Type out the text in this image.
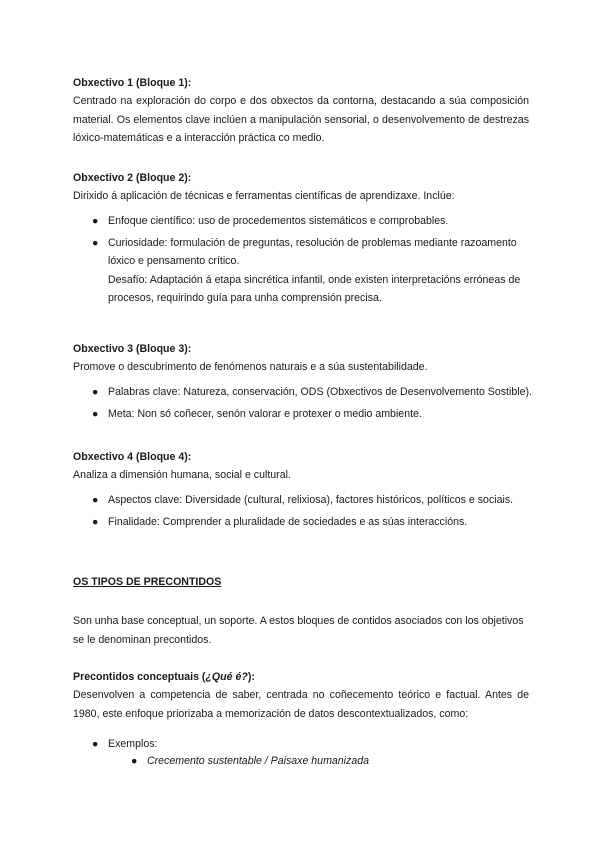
Obxectivo 1 (Bloque 1):
Centrado na exploración do corpo e dos obxectos da contorna, destacando a súa composición material. Os elementos clave inclúen a manipulación sensorial, o desenvolvemento de destrezas lóxico-matemáticas e a interacción práctica co medio.
Obxectivo 2 (Bloque 2):
Dirixido á aplicación de técnicas e ferramentas científicas de aprendizaxe. Inclúe:
● Enfoque científico: uso de procedementos sistemáticos e comprobables.
● Curiosidade: formulación de preguntas, resolución de problemas mediante razoamento lóxico e pensamento crítico.
Desafío: Adaptación á etapa sincrética infantil, onde existen interpretacións erróneas de procesos, requirindo guía para unha comprensión precisa.
Obxectivo 3 (Bloque 3):
Promove o descubrimento de fenómenos naturais e a súa sustentabilidade.
● Palabras clave: Natureza, conservación, ODS (Obxectivos de Desenvolvemento Sostible).
● Meta: Non só coñecer, senón valorar e protexer o medio ambiente.
Obxectivo 4 (Bloque 4):
Analiza a dimensión humana, social e cultural.
● Aspectos clave: Diversidade (cultural, relixiosa), factores históricos, políticos e sociais.
● Finalidade: Comprender a pluralidade de sociedades e as súas interaccións.
OS TIPOS DE PRECONTIDOS
Son unha base conceptual, un soporte. A estos bloques de contidos asociados con los objetivos se le denominan precontidos.
Precontidos conceptuais (¿Qué é?):
Desenvolven a competencia de saber, centrada no coñecemento teórico e factual. Antes de 1980, este enfoque priorizaba a memorización de datos descontextualizados, como:
● Exemplos:
● Crecemento sustentable / Paisaxe humanizada
